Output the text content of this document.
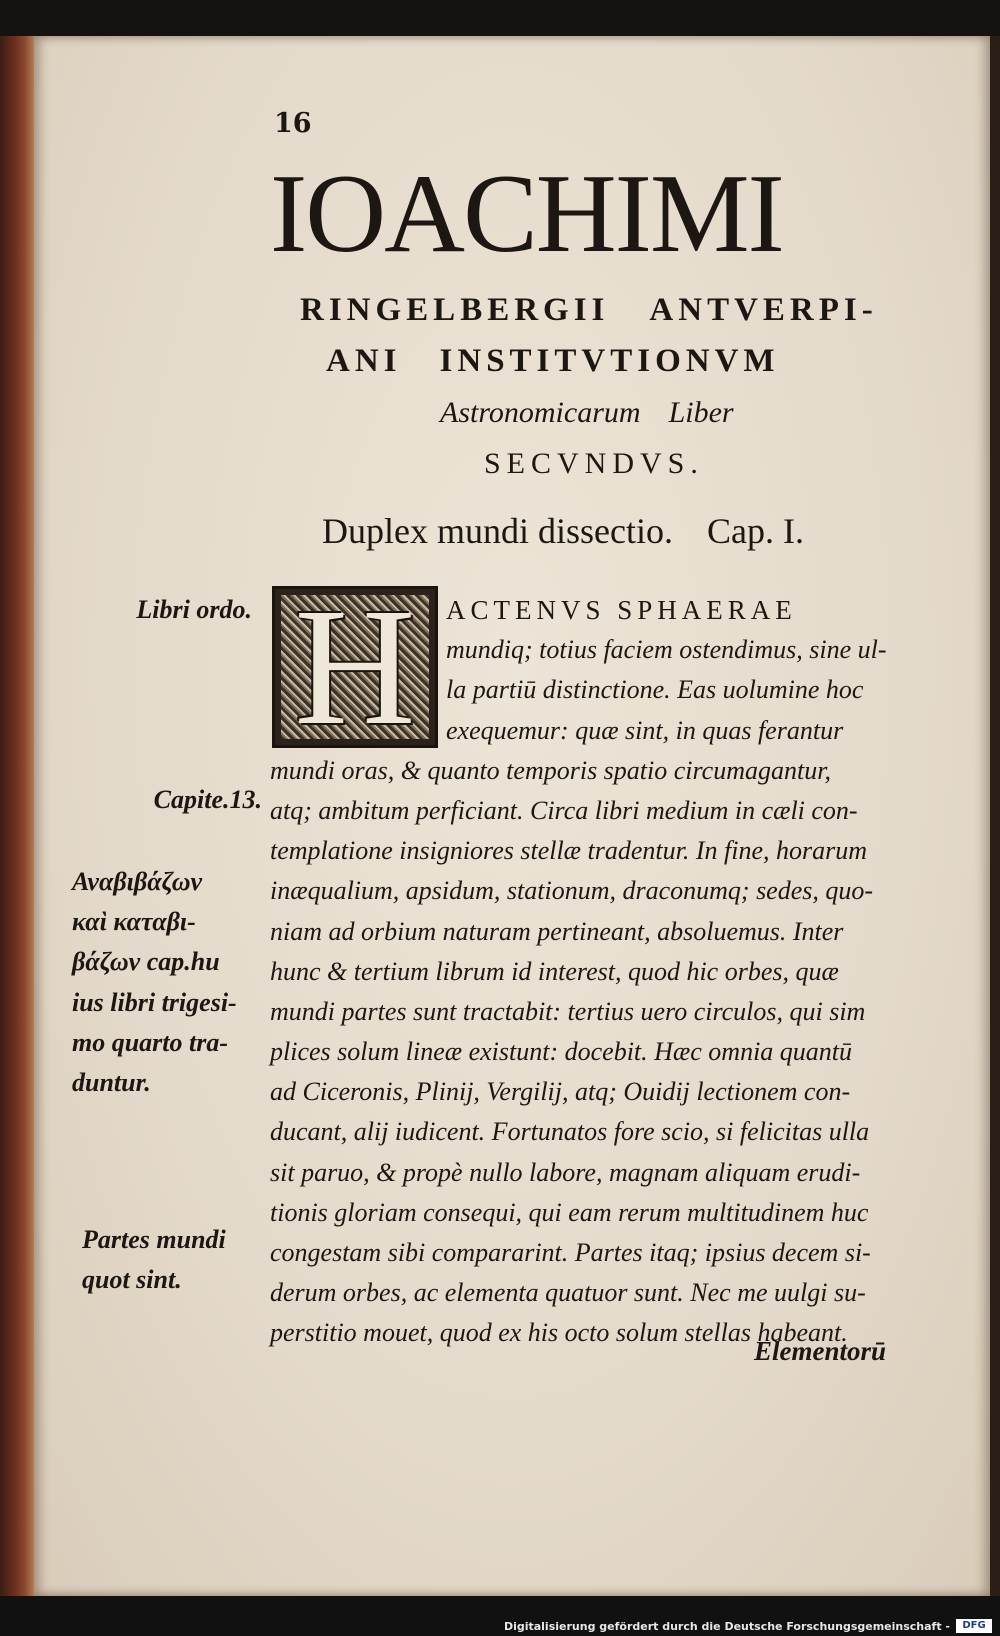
16
IOACHIMI
RINGELBERGII ANTVERPI-
ANI INSTITVTIONVM
Astronomicarum Liber
SECVNDVS.
Duplex mundi dissectio. Cap. I.
H	ACTENVS SPHAERAE
mundiq; totius faciem ostendimus, sine ul-
la partiū distinctione. Eas uolumine hoc
exequemur: quæ sint, in quas ferantur
mundi oras, & quanto temporis spatio circumagantur,
atq; ambitum perficiant. Circa libri medium in cæli con-
templatione insigniores stellæ tradentur. In fine, horarum
inæqualium, apsidum, stationum, draconumq; sedes, quo-
niam ad orbium naturam pertineant, absoluemus. Inter
hunc & tertium librum id interest, quod hic orbes, quæ
mundi partes sunt tractabit: tertius uero circulos, qui sim
plices solum lineæ existunt: docebit. Hæc omnia quantū
ad Ciceronis, Plinij, Vergilij, atq; Ouidij lectionem con-
ducant, alij iudicent. Fortunatos fore scio, si felicitas ulla
sit paruo, & propè nullo labore, magnam aliquam erudi-
tionis gloriam consequi, qui eam rerum multitudinem huc
congestam sibi compararint. Partes itaq; ipsius decem si-
derum orbes, ac elementa quatuor sunt. Nec me uulgi su-
perstitio mouet, quod ex his octo solum stellas habeant.
Elementorū
Libri ordo.
Capite.13.
Αναβιβάζων
καὶ καταβι-
βάζων cap.hu
ius libri trigesi-
mo quarto tra-
duntur.
Partes mundi
quot sint.
Digitalisierung gefördert durch die Deutsche Forschungsgemeinschaft -	DFG
